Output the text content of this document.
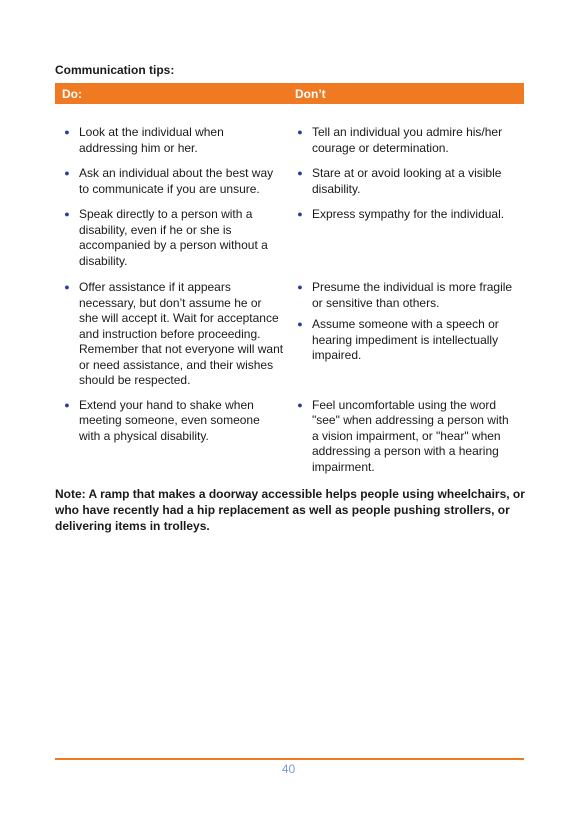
Communication tips:
Do:	Don’t
● Look at the individual when addressing him or her.
● Tell an individual you admire his/her courage or determination.
● Ask an individual about the best way to communicate if you are unsure.
● Stare at or avoid looking at a visible disability.
● Speak directly to a person with a disability, even if he or she is accompanied by a person without a disability.
● Express sympathy for the individual.
● Offer assistance if it appears necessary, but don’t assume he or she will accept it. Wait for acceptance and instruction before proceeding. Remember that not everyone will want or need assistance, and their wishes should be respected.
● Presume the individual is more fragile or sensitive than others.
● Assume someone with a speech or hearing impediment is intellectually impaired.
● Extend your hand to shake when meeting someone, even someone with a physical disability.
● Feel uncomfortable using the word "see" when addressing a person with a vision impairment, or "hear" when addressing a person with a hearing impairment.
Note: A ramp that makes a doorway accessible helps people using wheelchairs, or who have recently had a hip replacement as well as people pushing strollers, or delivering items in trolleys.
40
